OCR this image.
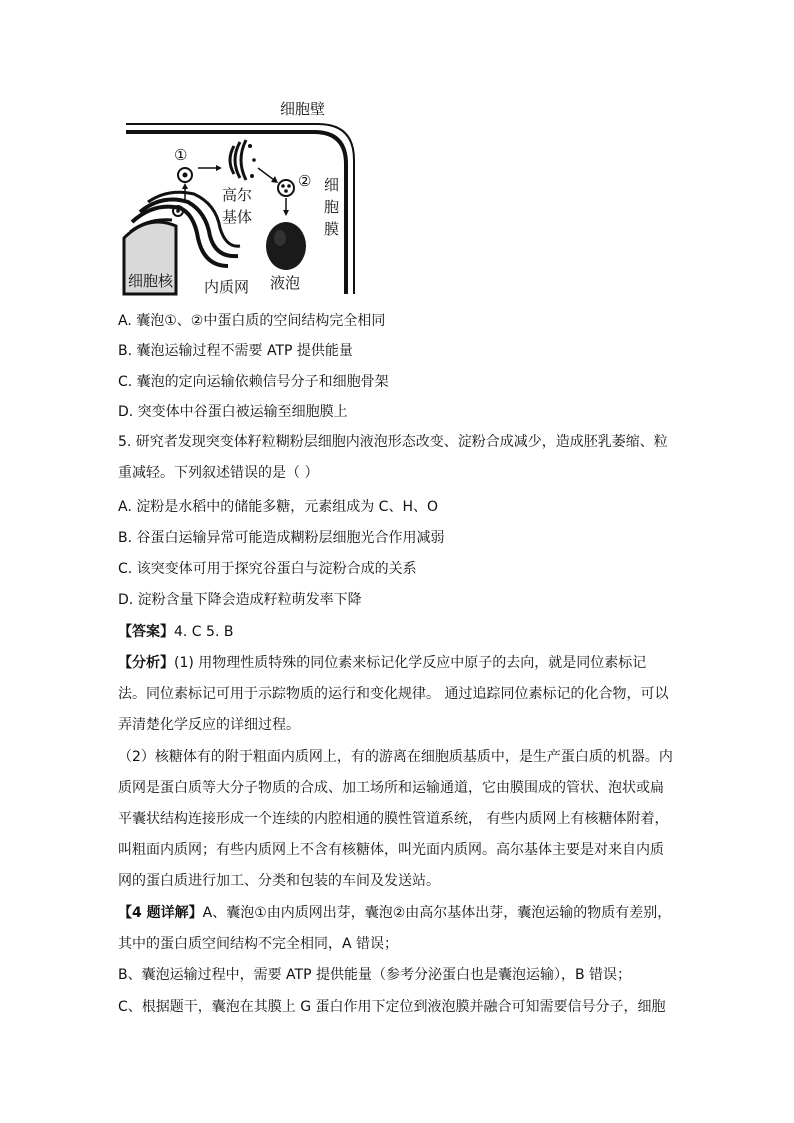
细胞壁
细胞膜
①
②
高尔基体
细胞核 内质网 液泡
A. 囊泡①、②中蛋白质的空间结构完全相同
B. 囊泡运输过程不需要 ATP 提供能量
C. 囊泡的定向运输依赖信号分子和细胞骨架
D. 突变体中谷蛋白被运输至细胞膜上
5. 研究者发现突变体籽粒糊粉层细胞内液泡形态改变、淀粉合成减少，造成胚乳萎缩、粒
重减轻。下列叙述错误的是（ ）
A. 淀粉是水稻中的储能多糖，元素组成为 C、H、O
B. 谷蛋白运输异常可能造成糊粉层细胞光合作用减弱
C. 该突变体可用于探究谷蛋白与淀粉合成的关系
D. 淀粉含量下降会造成籽粒萌发率下降
【答案】4. C 5. B
【分析】(1) 用物理性质特殊的同位素来标记化学反应中原子的去向，就是同位素标记
法。同位素标记可用于示踪物质的运行和变化规律。 通过追踪同位素标记的化合物，可以
弄清楚化学反应的详细过程。
（2）核糖体有的附于粗面内质网上，有的游离在细胞质基质中，是生产蛋白质的机器。内
质网是蛋白质等大分子物质的合成、加工场所和运输通道，它由膜围成的管状、泡状或扁
平囊状结构连接形成一个连续的内腔相通的膜性管道系统， 有些内质网上有核糖体附着，
叫粗面内质网；有些内质网上不含有核糖体，叫光面内质网。高尔基体主要是对来自内质
网的蛋白质进行加工、分类和包装的车间及发送站。
【4 题详解】A、囊泡①由内质网出芽，囊泡②由高尔基体出芽，囊泡运输的物质有差别，
其中的蛋白质空间结构不完全相同，A 错误；
B、囊泡运输过程中，需要 ATP 提供能量（参考分泌蛋白也是囊泡运输），B 错误；
C、根据题干，囊泡在其膜上 G 蛋白作用下定位到液泡膜并融合可知需要信号分子，细胞
